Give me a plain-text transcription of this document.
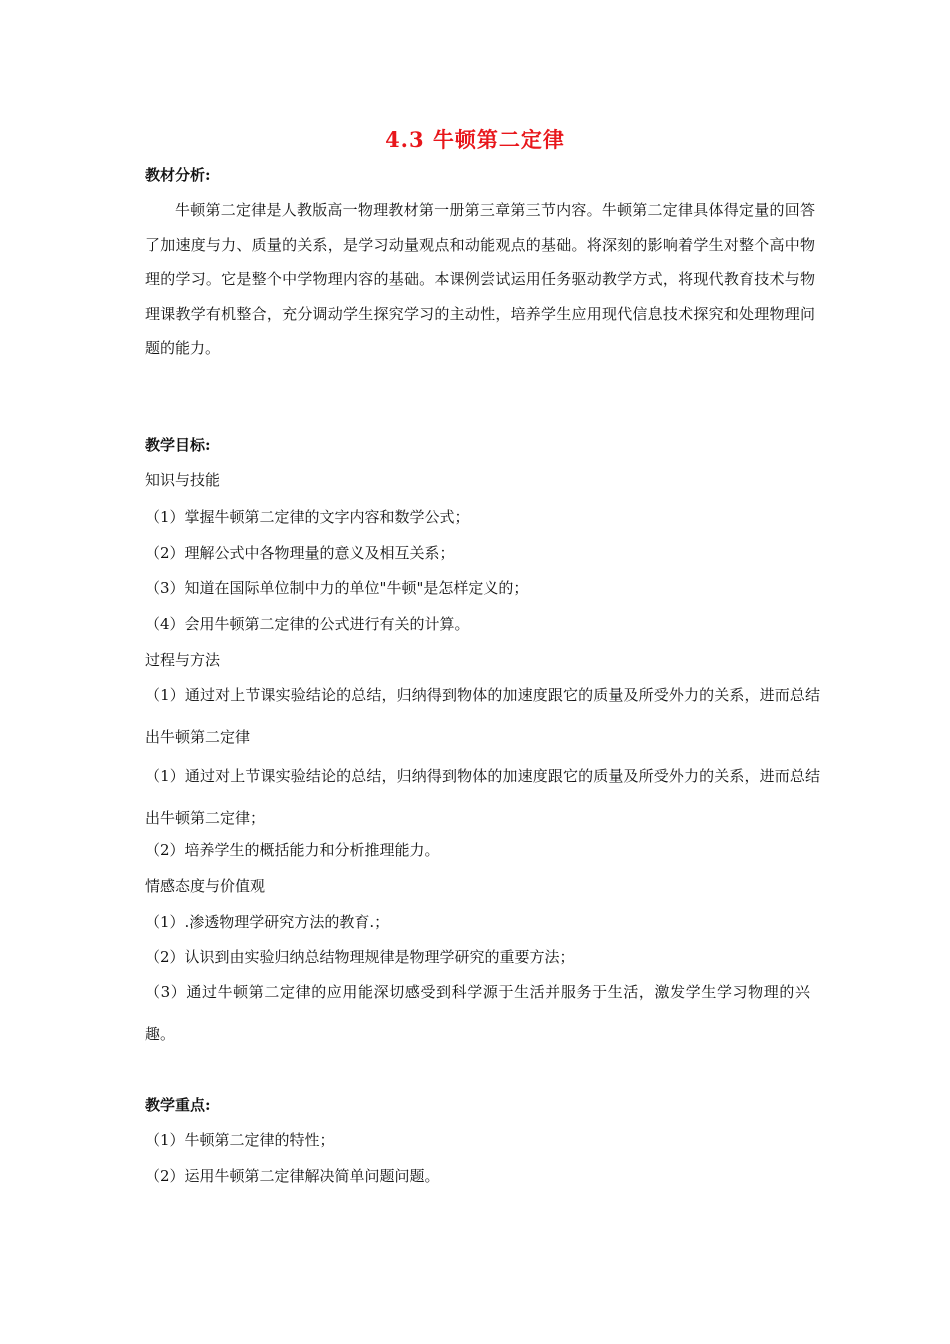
4.3 牛顿第二定律

教材分析:

牛顿第二定律是人教版高一物理教材第一册第三章第三节内容。牛顿第二定律具体得定量的回答了加速度与力、质量的关系，是学习动量观点和动能观点的基础。将深刻的影响着学生对整个高中物理的学习。它是整个中学物理内容的基础。本课例尝试运用任务驱动教学方式，将现代教育技术与物理课教学有机整合，充分调动学生探究学习的主动性，培养学生应用现代信息技术探究和处理物理问题的能力。

教学目标:

知识与技能

（1）掌握牛顿第二定律的文字内容和数学公式；

（2）理解公式中各物理量的意义及相互关系；

（3）知道在国际单位制中力的单位"牛顿"是怎样定义的；

（4）会用牛顿第二定律的公式进行有关的计算。

过程与方法

（1）通过对上节课实验结论的总结，归纳得到物体的加速度跟它的质量及所受外力的关系，进而总结出牛顿第二定律

（1）通过对上节课实验结论的总结，归纳得到物体的加速度跟它的质量及所受外力的关系，进而总结出牛顿第二定律；

（2）培养学生的概括能力和分析推理能力。

情感态度与价值观

（1）.渗透物理学研究方法的教育.；

（2）认识到由实验归纳总结物理规律是物理学研究的重要方法；

（3）通过牛顿第二定律的应用能深切感受到科学源于生活并服务于生活，激发学生学习物理的兴趣。

教学重点:

（1）牛顿第二定律的特性；

（2）运用牛顿第二定律解决简单问题问题。
